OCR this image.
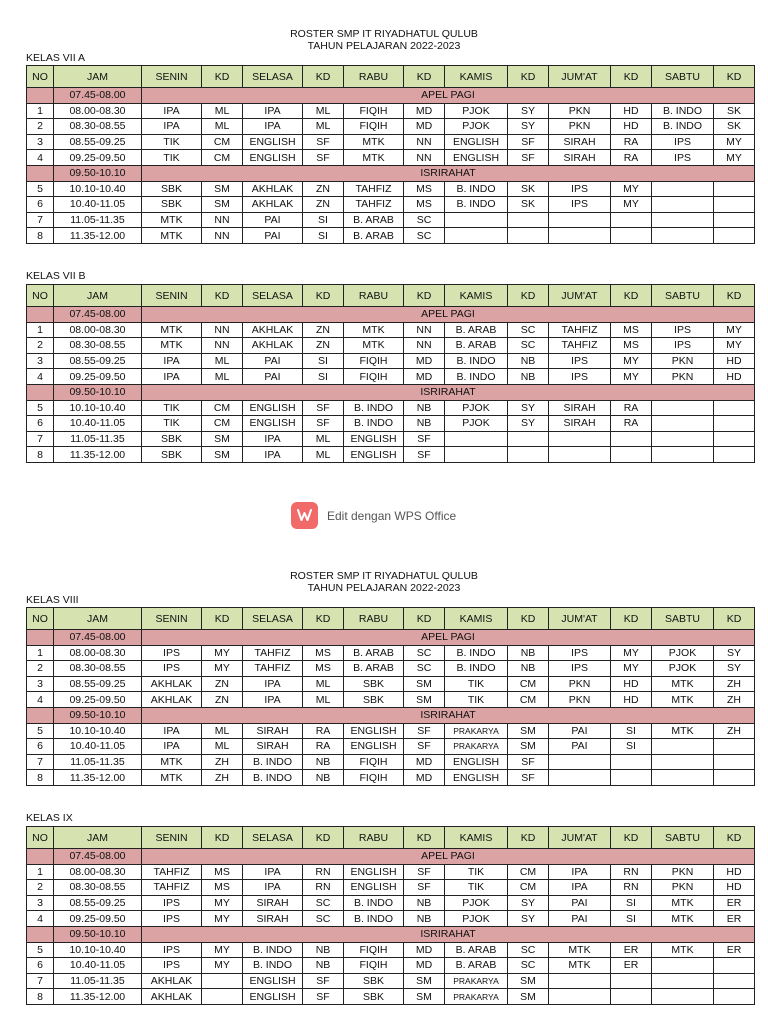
ROSTER SMP IT RIYADHATUL QULUB
TAHUN PELAJARAN 2022-2023
KELAS VII A
NO	JAM	SENIN	KD	SELASA	KD	RABU	KD	KAMIS	KD	JUM'AT	KD	SABTU	KD
	07.45-08.00	APEL PAGI											
1	08.00-08.30	IPA	ML	IPA	ML	FIQIH	MD	PJOK	SY	PKN	HD	B. INDO	SK
2	08.30-08.55	IPA	ML	IPA	ML	FIQIH	MD	PJOK	SY	PKN	HD	B. INDO	SK
3	08.55-09.25	TIK	CM	ENGLISH	SF	MTK	NN	ENGLISH	SF	SIRAH	RA	IPS	MY
4	09.25-09.50	TIK	CM	ENGLISH	SF	MTK	NN	ENGLISH	SF	SIRAH	RA	IPS	MY
	09.50-10.10	ISRIRAHAT											
5	10.10-10.40	SBK	SM	AKHLAK	ZN	TAHFIZ	MS	B. INDO	SK	IPS	MY		
6	10.40-11.05	SBK	SM	AKHLAK	ZN	TAHFIZ	MS	B. INDO	SK	IPS	MY		
7	11.05-11.35	MTK	NN	PAI	SI	B. ARAB	SC						
8	11.35-12.00	MTK	NN	PAI	SI	B. ARAB	SC						
KELAS VII B
NO	JAM	SENIN	KD	SELASA	KD	RABU	KD	KAMIS	KD	JUM'AT	KD	SABTU	KD
	07.45-08.00	APEL PAGI											
1	08.00-08.30	MTK	NN	AKHLAK	ZN	MTK	NN	B. ARAB	SC	TAHFIZ	MS	IPS	MY
2	08.30-08.55	MTK	NN	AKHLAK	ZN	MTK	NN	B. ARAB	SC	TAHFIZ	MS	IPS	MY
3	08.55-09.25	IPA	ML	PAI	SI	FIQIH	MD	B. INDO	NB	IPS	MY	PKN	HD
4	09.25-09.50	IPA	ML	PAI	SI	FIQIH	MD	B. INDO	NB	IPS	MY	PKN	HD
	09.50-10.10	ISRIRAHAT											
5	10.10-10.40	TIK	CM	ENGLISH	SF	B. INDO	NB	PJOK	SY	SIRAH	RA		
6	10.40-11.05	TIK	CM	ENGLISH	SF	B. INDO	NB	PJOK	SY	SIRAH	RA		
7	11.05-11.35	SBK	SM	IPA	ML	ENGLISH	SF						
8	11.35-12.00	SBK	SM	IPA	ML	ENGLISH	SF						
Edit dengan WPS Office
ROSTER SMP IT RIYADHATUL QULUB
TAHUN PELAJARAN 2022-2023
KELAS VIII
NO	JAM	SENIN	KD	SELASA	KD	RABU	KD	KAMIS	KD	JUM'AT	KD	SABTU	KD
	07.45-08.00	APEL PAGI											
1	08.00-08.30	IPS	MY	TAHFIZ	MS	B. ARAB	SC	B. INDO	NB	IPS	MY	PJOK	SY
2	08.30-08.55	IPS	MY	TAHFIZ	MS	B. ARAB	SC	B. INDO	NB	IPS	MY	PJOK	SY
3	08.55-09.25	AKHLAK	ZN	IPA	ML	SBK	SM	TIK	CM	PKN	HD	MTK	ZH
4	09.25-09.50	AKHLAK	ZN	IPA	ML	SBK	SM	TIK	CM	PKN	HD	MTK	ZH
	09.50-10.10	ISRIRAHAT											
5	10.10-10.40	IPA	ML	SIRAH	RA	ENGLISH	SF	PRAKARYA	SM	PAI	SI	MTK	ZH
6	10.40-11.05	IPA	ML	SIRAH	RA	ENGLISH	SF	PRAKARYA	SM	PAI	SI		
7	11.05-11.35	MTK	ZH	B. INDO	NB	FIQIH	MD	ENGLISH	SF				
8	11.35-12.00	MTK	ZH	B. INDO	NB	FIQIH	MD	ENGLISH	SF				
KELAS IX
NO	JAM	SENIN	KD	SELASA	KD	RABU	KD	KAMIS	KD	JUM'AT	KD	SABTU	KD
	07.45-08.00	APEL PAGI											
1	08.00-08.30	TAHFIZ	MS	IPA	RN	ENGLISH	SF	TIK	CM	IPA	RN	PKN	HD
2	08.30-08.55	TAHFIZ	MS	IPA	RN	ENGLISH	SF	TIK	CM	IPA	RN	PKN	HD
3	08.55-09.25	IPS	MY	SIRAH	SC	B. INDO	NB	PJOK	SY	PAI	SI	MTK	ER
4	09.25-09.50	IPS	MY	SIRAH	SC	B. INDO	NB	PJOK	SY	PAI	SI	MTK	ER
	09.50-10.10	ISRIRAHAT											
5	10.10-10.40	IPS	MY	B. INDO	NB	FIQIH	MD	B. ARAB	SC	MTK	ER	MTK	ER
6	10.40-11.05	IPS	MY	B. INDO	NB	FIQIH	MD	B. ARAB	SC	MTK	ER		
7	11.05-11.35	AKHLAK		ENGLISH	SF	SBK	SM	PRAKARYA	SM				
8	11.35-12.00	AKHLAK		ENGLISH	SF	SBK	SM	PRAKARYA	SM				
